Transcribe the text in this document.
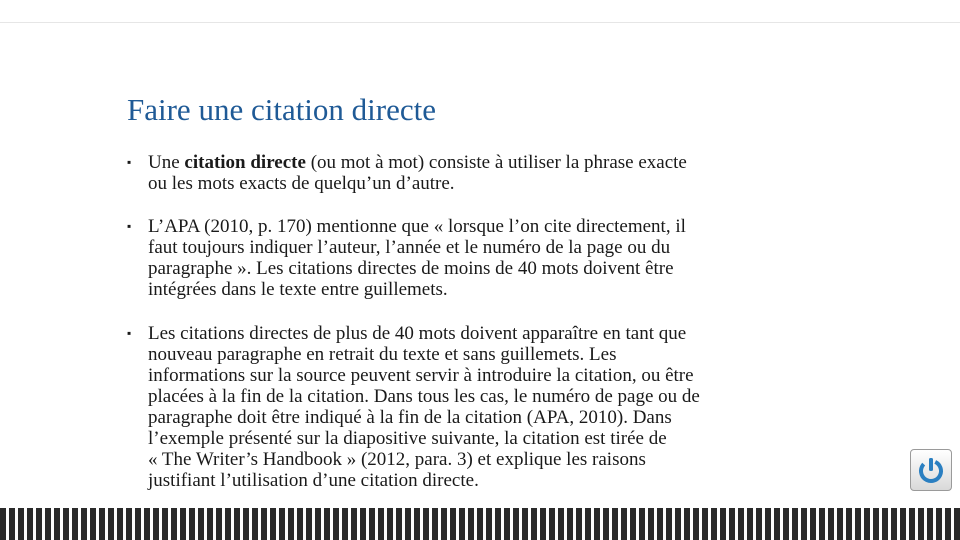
Faire une citation directe
▪ Une citation directe (ou mot à mot) consiste à utiliser la phrase exacte
ou les mots exacts de quelqu’un d’autre.
▪ L’APA (2010, p. 170) mentionne que « lorsque l’on cite directement, il
faut toujours indiquer l’auteur, l’année et le numéro de la page ou du
paragraphe ». Les citations directes de moins de 40 mots doivent être
intégrées dans le texte entre guillemets.
▪ Les citations directes de plus de 40 mots doivent apparaître en tant que
nouveau paragraphe en retrait du texte et sans guillemets. Les
informations sur la source peuvent servir à introduire la citation, ou être
placées à la fin de la citation. Dans tous les cas, le numéro de page ou de
paragraphe doit être indiqué à la fin de la citation (APA, 2010). Dans
l’exemple présenté sur la diapositive suivante, la citation est tirée de
« The Writer’s Handbook » (2012, para. 3) et explique les raisons
justifiant l’utilisation d’une citation directe.
